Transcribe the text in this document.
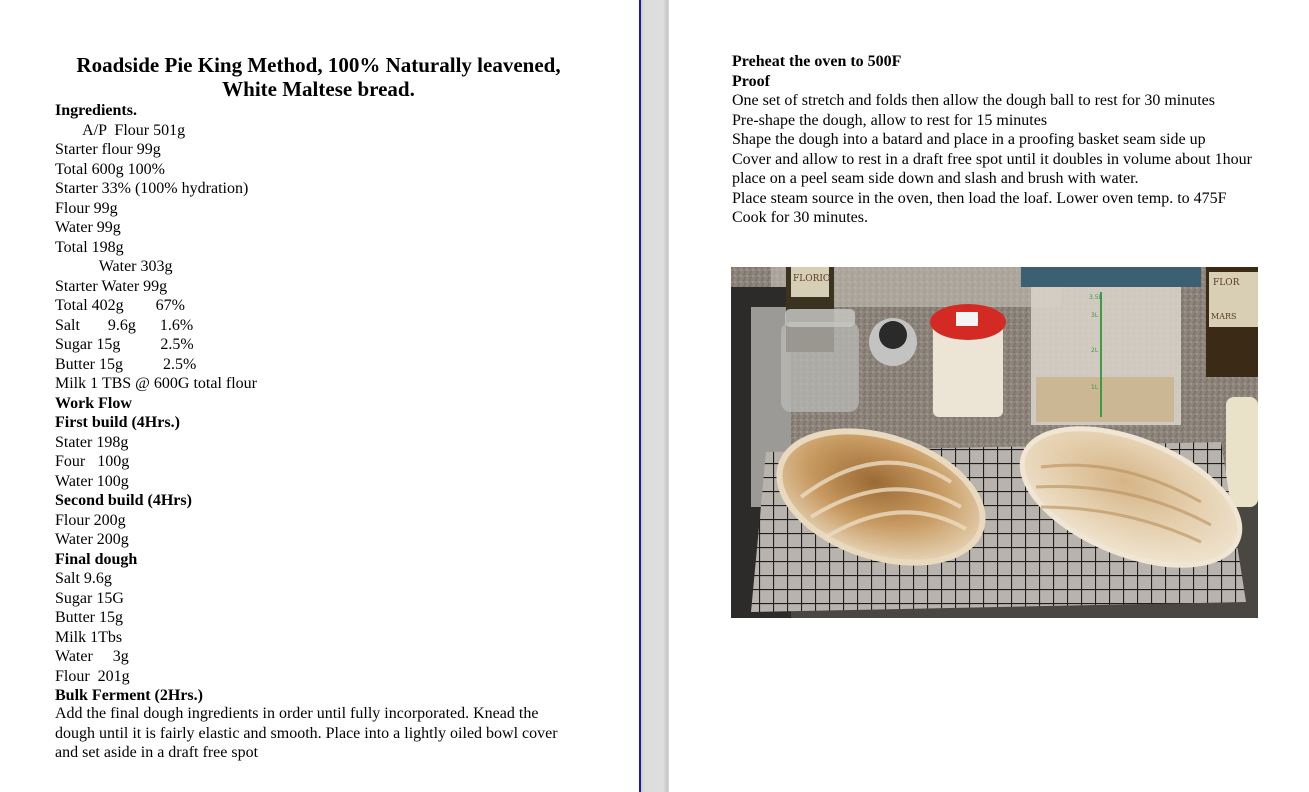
Roadside Pie King Method, 100% Naturally leavened, White Maltese bread.
Ingredients.
A/P  Flour 501g
Starter flour 99g
Total 600g 100%
Starter 33% (100% hydration)
Flour 99g
Water 99g
Total 198g
Water 303g
Starter Water 99g
Total 402g        67%
Salt       9.6g      1.6%
Sugar 15g          2.5%
Butter 15g          2.5%
Milk 1 TBS @ 600G total flour
Work Flow
First build (4Hrs.)
Stater 198g
Four   100g
Water 100g
Second build (4Hrs)
Flour 200g
Water 200g
Final dough
Salt 9.6g
Sugar 15G
Butter 15g
Milk 1Tbs
Water     3g
Flour  201g
Bulk Ferment (2Hrs.)
Add the final dough ingredients in order until fully incorporated. Knead the dough until it is fairly elastic and smooth. Place into a lightly oiled bowl cover and set aside in a draft free spot
Preheat the oven to 500F
Proof
One set of stretch and folds then allow the dough ball to rest for 30 minutes
Pre-shape the dough, allow to rest for 15 minutes
Shape the dough into a batard and place in a proofing basket seam side up
Cover and allow to rest in a draft free spot until it doubles in volume about 1hour
place on a peel seam side down and slash and brush with water.
Place steam source in the oven, then load the loaf. Lower oven temp. to 475F
Cook for 30 minutes.
FLORIO
3.5L
3L
2L
1L
FLOR
MARS
